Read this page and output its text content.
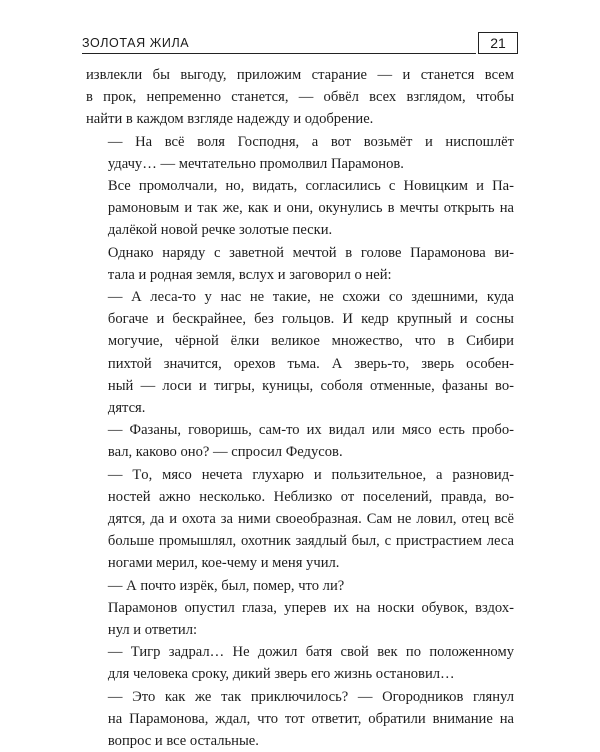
ЗОЛОТАЯ ЖИЛА	21

извлекли бы выгоду, приложим старание — и станется всем
в прок, непременно станется, — обвёл всех взглядом, чтобы
найти в каждом взгляде надежду и одобрение.

— На всё воля Господня, а вот возьмёт и ниспошлёт
удачу… — мечтательно промолвил Парамонов.

Все промолчали, но, видать, согласились с Новицким и Па-
рамоновым и так же, как и они, окунулись в мечты открыть на
далёкой новой речке золотые пески.

Однако наряду с заветной мечтой в голове Парамонова ви-
тала и родная земля, вслух и заговорил о ней:

— А леса-то у нас не такие, не схожи со здешними, куда
богаче и бескрайнее, без гольцов. И кедр крупный и сосны
могучие, чёрной ёлки великое множество, что в Сибири
пихтой значится, орехов тьма. А зверь-то, зверь особен-
ный — лоси и тигры, куницы, соболя отменные, фазаны во-
дятся.

— Фазаны, говоришь, сам-то их видал или мясо есть пробо-
вал, каково оно? — спросил Федусов.

— Тo, мясо нечета глухарю и пользительное, а разновид-
ностей ажно несколько. Неблизко от поселений, правда, во-
дятся, да и охота за ними своеобразная. Сам не ловил, отец всё
больше промышлял, охотник заядлый был, с пристрастием леса
ногами мерил, кое-чему и меня учил.

— А почто изрёк, был, помер, что ли?

Парамонов опустил глаза, уперев их на носки обувок, вздох-
нул и ответил:

— Тигр задрал… Не дожил батя свой век по положенному
для человека сроку, дикий зверь его жизнь остановил…

— Это как же так приключилось? — Огородников глянул
на Парамонова, ждал, что тот ответит, обратили внимание на
вопрос и все остальные.
